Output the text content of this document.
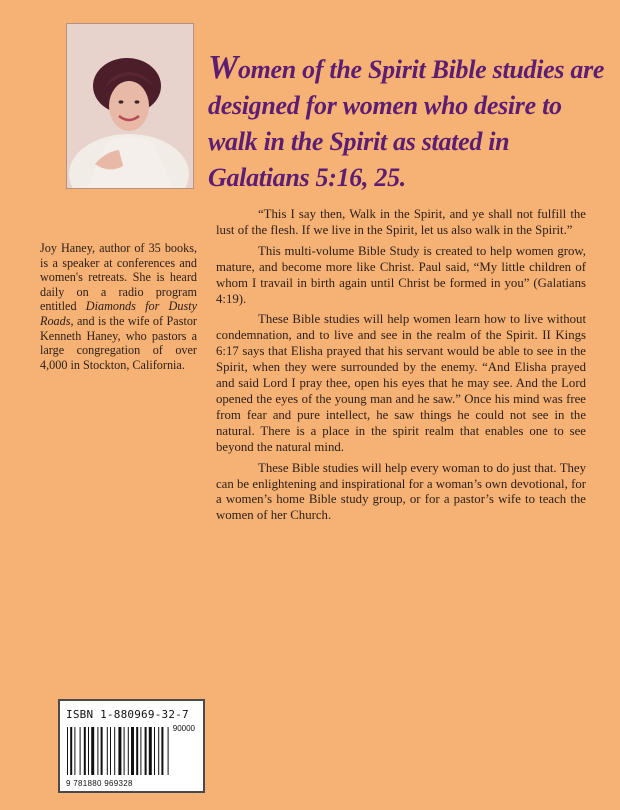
Women of the Spirit Bible studies are designed for women who desire to walk in the Spirit as stated in Galatians 5:16, 25.
Joy Haney, author of 35 books, is a speaker at conferences and women's retreats. She is heard daily on a radio program entitled Diamonds for Dusty Roads, and is the wife of Pastor Kenneth Haney, who pastors a large congregation of over 4,000 in Stockton, California.

“This I say then, Walk in the Spirit, and ye shall not fulfill the lust of the flesh. If we live in the Spirit, let us also walk in the Spirit.”

This multi-volume Bible Study is created to help women grow, mature, and become more like Christ. Paul said, “My little children of whom I travail in birth again until Christ be formed in you” (Galatians 4:19).

These Bible studies will help women learn how to live without condemnation, and to live and see in the realm of the Spirit. II Kings 6:17 says that Elisha prayed that his servant would be able to see in the Spirit, when they were surrounded by the enemy. “And Elisha prayed and said Lord I pray thee, open his eyes that he may see. And the Lord opened the eyes of the young man and he saw.” Once his mind was free from fear and pure intellect, he saw things he could not see in the natural. There is a place in the spirit realm that enables one to see beyond the natural mind.

These Bible studies will help every woman to do just that. They can be enlightening and inspirational for a woman’s own devotional, for a women’s home Bible study group, or for a pastor’s wife to teach the women of her Church.

ISBN 1-880969-32-7
90000
9 781880 969328
